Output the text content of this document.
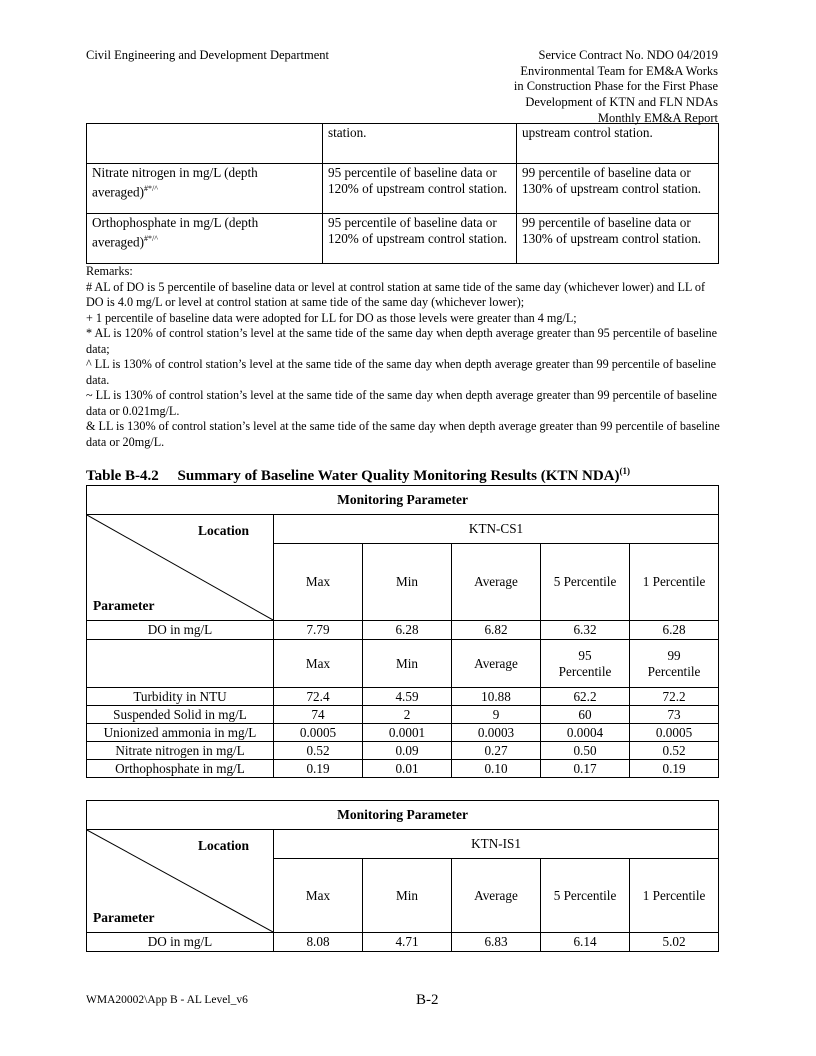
Civil Engineering and Development Department	Service Contract No. NDO 04/2019
Environmental Team for EM&A Works
in Construction Phase for the First Phase
Development of KTN and FLN NDAs
Monthly EM&A Report
	station.	upstream control station.
Nitrate nitrogen in mg/L (depth averaged)#*/^	95 percentile of baseline data or 120% of upstream control station.	99 percentile of baseline data or 130% of upstream control station.
Orthophosphate in mg/L (depth averaged)#*/^	95 percentile of baseline data or 120% of upstream control station.	99 percentile of baseline data or 130% of upstream control station.

Remarks:

# AL of DO is 5 percentile of baseline data or level at control station at same tide of the same day (whichever lower) and LL of DO is 4.0 mg/L or level at control station at same tide of the same day (whichever lower);

+ 1 percentile of baseline data were adopted for LL for DO as those levels were greater than 4 mg/L;

* AL is 120% of control station’s level at the same tide of the same day when depth average greater than 95 percentile of baseline data;

^ LL is 130% of control station’s level at the same tide of the same day when depth average greater than 99 percentile of baseline data.

~ LL is 130% of control station’s level at the same tide of the same day when depth average greater than 99 percentile of baseline data or 0.021mg/L.

& LL is 130% of control station’s level at the same tide of the same day when depth average greater than 99 percentile of baseline data or 20mg/L.

Table B-4.2 Summary of Baseline Water Quality Monitoring Results (KTN NDA)$^{(1)}$
Monitoring Parameter					

Location
Parameter	KTN-CS1				
	Max	Min	Average	5 Percentile	1 Percentile
DO in mg/L	7.79	6.28	6.82	6.32	6.28
	Max	Min	Average	95 Percentile	99 Percentile
Turbidity in NTU	72.4	4.59	10.88	62.2	72.2
Suspended Solid in mg/L	74	2	9	60	73
Unionized ammonia in mg/L	0.0005	0.0001	0.0003	0.0004	0.0005
Nitrate nitrogen in mg/L	0.52	0.09	0.27	0.50	0.52
Orthophosphate in mg/L	0.19	0.01	0.10	0.17	0.19
Monitoring Parameter					

Location
Parameter	KTN-IS1				
	Max	Min	Average	5 Percentile	1 Percentile
DO in mg/L	8.08	4.71	6.83	6.14	5.02
WMA20002\App B - AL Level_v6	B-2
